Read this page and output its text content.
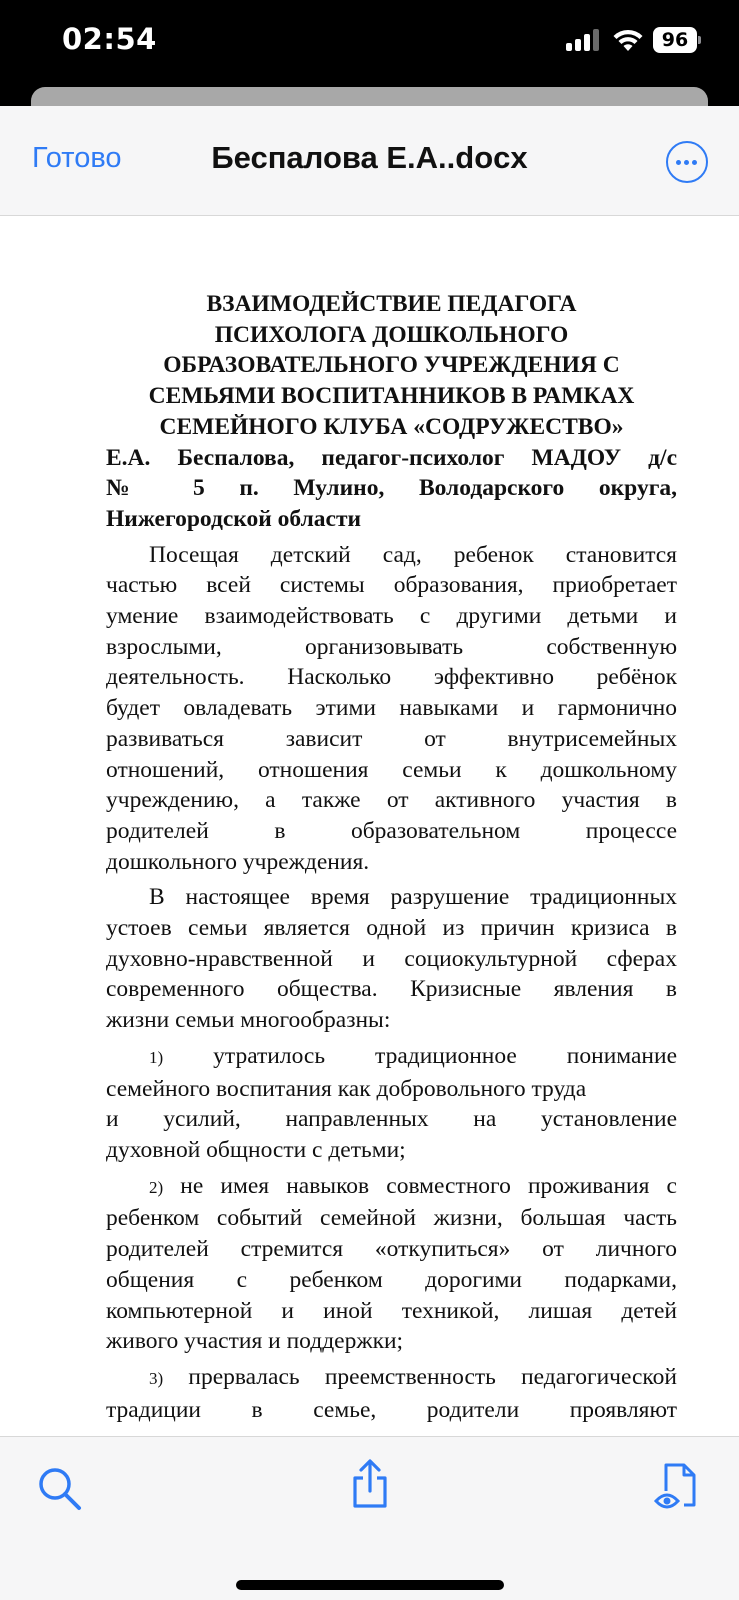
02:54	96
Готово	Беспалова Е.А..docx
ВЗАИМОДЕЙСТВИЕ ПЕДАГОГА
ПСИХОЛОГА ДОШКОЛЬНОГО
ОБРАЗОВАТЕЛЬНОГО УЧРЕЖДЕНИЯ С
СЕМЬЯМИ ВОСПИТАННИКОВ В РАМКАХ
СЕМЕЙНОГО КЛУБА «СОДРУЖЕСТВО»
Е.А. Беспалова, педагог-психолог МАДОУ д/с
№ 5 п. Мулино, Володарского округа,
Нижегородской области
Посещая детский сад, ребенок становится
частью всей системы образования, приобретает
умение взаимодействовать с другими детьми и
взрослыми, организовывать собственную
деятельность. Насколько эффективно ребёнок
будет овладевать этими навыками и гармонично
развиваться зависит от внутрисемейных
отношений, отношения семьи к дошкольному
учреждению, а также от активного участия в
родителей в образовательном процессе
дошкольного учреждения.
В настоящее время разрушение традиционных
устоев семьи является одной из причин кризиса в
духовно-нравственной и социокультурной сферах
современного общества. Кризисные явления в
жизни семьи многообразны:
1) утратилось традиционное понимание
семейного воспитания как добровольного труда
и усилий, направленных на установление
духовной общности с детьми;
2) не имея навыков совместного проживания с
ребенком событий семейной жизни, большая часть
родителей стремится «откупиться» от личного
общения с ребенком дорогими подарками,
компьютерной и иной техникой, лишая детей
живого участия и поддержки;
3) прервалась преемственность педагогической
традиции в семье, родители проявляют
